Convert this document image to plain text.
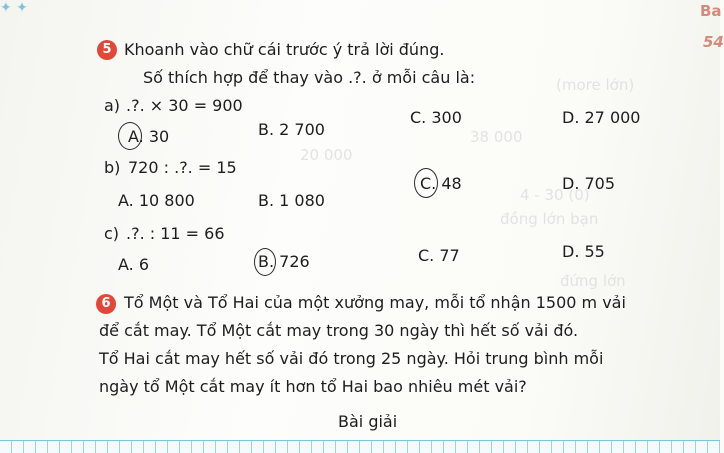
(more lớn)
38 000
20 000
4 - 30 (0)
đồng lớn bạn
đứng lớn
✦ ✦	Ba
54
5 Khoanh vào chữ cái trước ý trả lời đúng.
Số thích hợp để thay vào .?. ở mỗi câu là:
a) .?. × 30 = 900
A. 30	B. 2 700
C. 300	D. 27 000
b) 720 : .?. = 15
A. 10 800	B. 1 080
C. 48	D. 705
c) .?. : 11 = 66
A. 6	B. 726	C. 77	D. 55
6 Tổ Một và Tổ Hai của một xưởng may, mỗi tổ nhận 1500 m vải
để cắt may. Tổ Một cắt may trong 30 ngày thì hết số vải đó.
Tổ Hai cắt may hết số vải đó trong 25 ngày. Hỏi trung bình mỗi
ngày tổ Một cắt may ít hơn tổ Hai bao nhiêu mét vải?
Bài giải
